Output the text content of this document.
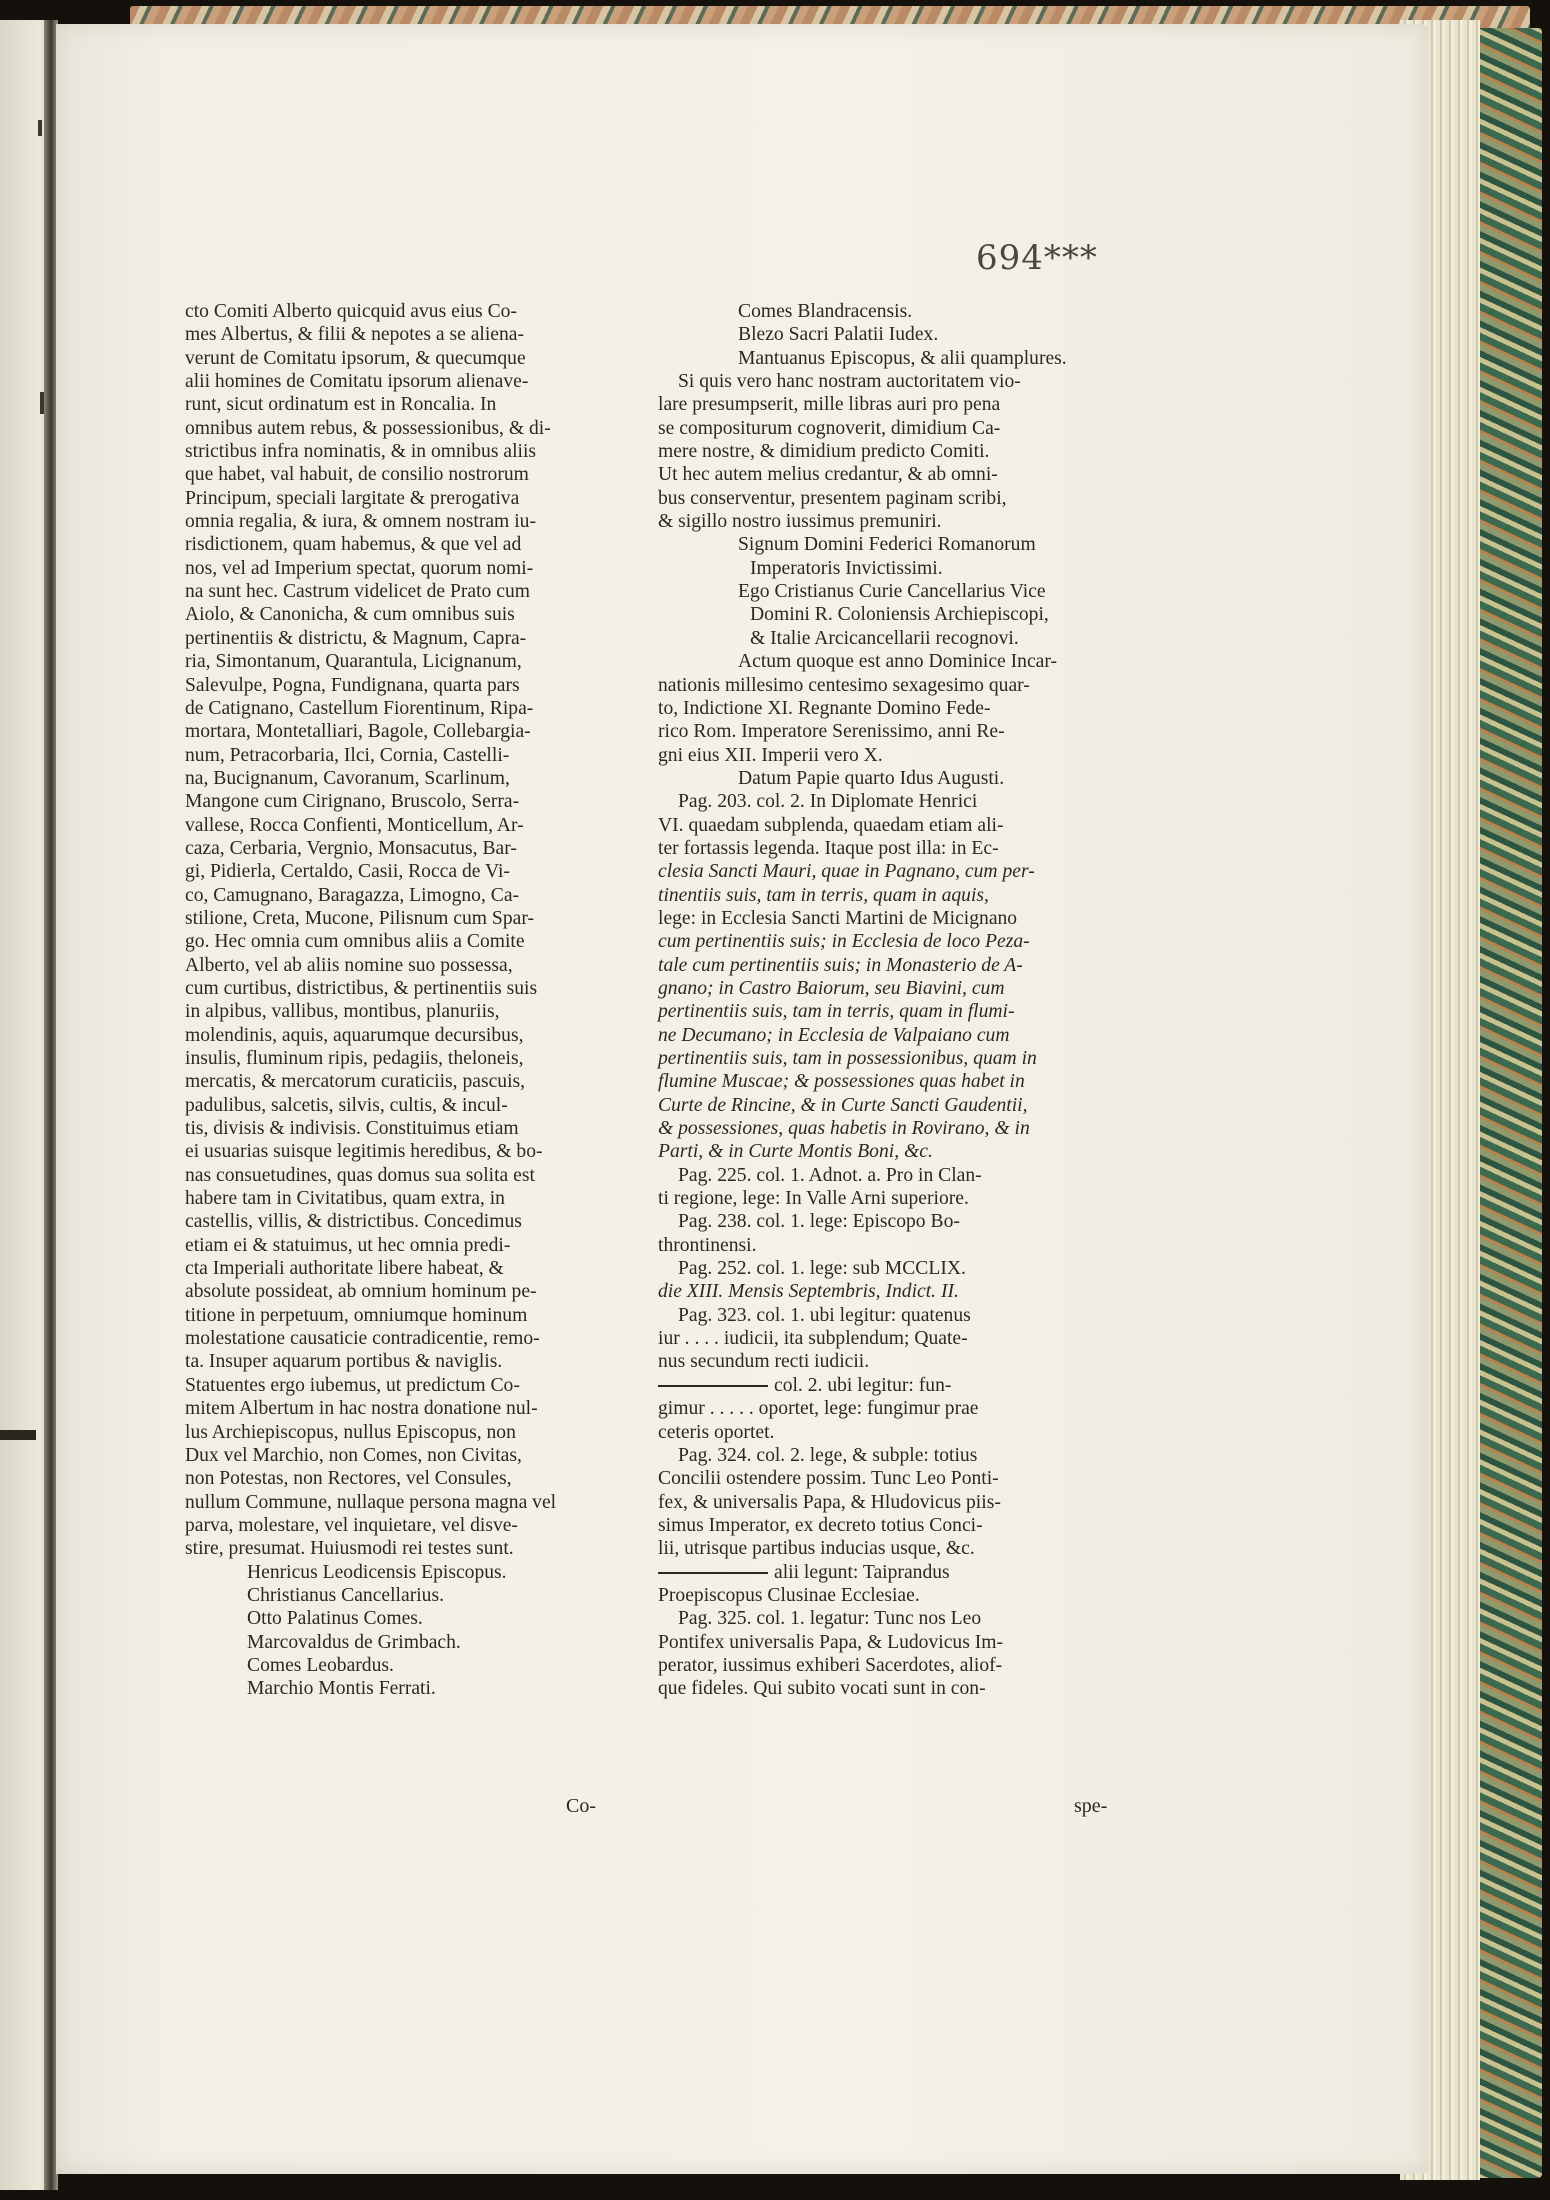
694***
cto Comiti Alberto quicquid avus eius Co-
mes Albertus, & filii & nepotes a se aliena-
verunt de Comitatu ipsorum, & quecumque
alii homines de Comitatu ipsorum alienave-
runt, sicut ordinatum est in Roncalia. In
omnibus autem rebus, & possessionibus, & di-
strictibus infra nominatis, & in omnibus aliis
que habet, val habuit, de consilio nostrorum
Principum, speciali largitate & prerogativa
omnia regalia, & iura, & omnem nostram iu-
risdictionem, quam habemus, & que vel ad
nos, vel ad Imperium spectat, quorum nomi-
na sunt hec. Castrum videlicet de Prato cum
Aiolo, & Canonicha, & cum omnibus suis
pertinentiis & districtu, & Magnum, Capra-
ria, Simontanum, Quarantula, Licignanum,
Salevulpe, Pogna, Fundignana, quarta pars
de Catignano, Castellum Fiorentinum, Ripa-
mortara, Montetalliari, Bagole, Collebargia-
num, Petracorbaria, Ilci, Cornia, Castelli-
na, Bucignanum, Cavoranum, Scarlinum,
Mangone cum Cirignano, Bruscolo, Serra-
vallese, Rocca Confienti, Monticellum, Ar-
caza, Cerbaria, Vergnio, Monsacutus, Bar-
gi, Pidierla, Certaldo, Casii, Rocca de Vi-
co, Camugnano, Baragazza, Limogno, Ca-
stilione, Creta, Mucone, Pilisnum cum Spar-
go. Hec omnia cum omnibus aliis a Comite
Alberto, vel ab aliis nomine suo possessa,
cum curtibus, districtibus, & pertinentiis suis
in alpibus, vallibus, montibus, planuriis,
molendinis, aquis, aquarumque decursibus,
insulis, fluminum ripis, pedagiis, theloneis,
mercatis, & mercatorum curaticiis, pascuis,
padulibus, salcetis, silvis, cultis, & incul-
tis, divisis & indivisis. Constituimus etiam
ei usuarias suisque legitimis heredibus, & bo-
nas consuetudines, quas domus sua solita est
habere tam in Civitatibus, quam extra, in
castellis, villis, & districtibus. Concedimus
etiam ei & statuimus, ut hec omnia predi-
cta Imperiali authoritate libere habeat, &
absolute possideat, ab omnium hominum pe-
titione in perpetuum, omniumque hominum
molestatione causaticie contradicentie, remo-
ta. Insuper aquarum portibus & naviglis.
Statuentes ergo iubemus, ut predictum Co-
mitem Albertum in hac nostra donatione nul-
lus Archiepiscopus, nullus Episcopus, non
Dux vel Marchio, non Comes, non Civitas,
non Potestas, non Rectores, vel Consules,
nullum Commune, nullaque persona magna vel
parva, molestare, vel inquietare, vel disve-
stire, presumat. Huiusmodi rei testes sunt.
Henricus Leodicensis Episcopus.
Christianus Cancellarius.
Otto Palatinus Comes.
Marcovaldus de Grimbach.
Comes Leobardus.
Marchio Montis Ferrati.
Comes Blandracensis.
Blezo Sacri Palatii Iudex.
Mantuanus Episcopus, & alii quamplures.
Si quis vero hanc nostram auctoritatem vio-
lare presumpserit, mille libras auri pro pena
se compositurum cognoverit, dimidium Ca-
mere nostre, & dimidium predicto Comiti.
Ut hec autem melius credantur, & ab omni-
bus conserventur, presentem paginam scribi,
& sigillo nostro iussimus premuniri.
Signum Domini Federici Romanorum
Imperatoris Invictissimi.
Ego Cristianus Curie Cancellarius Vice
Domini R. Coloniensis Archiepiscopi,
& Italie Arcicancellarii recognovi.
Actum quoque est anno Dominice Incar-
nationis millesimo centesimo sexagesimo quar-
to, Indictione XI. Regnante Domino Fede-
rico Rom. Imperatore Serenissimo, anni Re-
gni eius XII. Imperii vero X.
Datum Papie quarto Idus Augusti.
Pag. 203. col. 2. In Diplomate Henrici
VI. quaedam subplenda, quaedam etiam ali-
ter fortassis legenda. Itaque post illa: in Ec-
clesia Sancti Mauri, quae in Pagnano, cum per-
tinentiis suis, tam in terris, quam in aquis,
lege: in Ecclesia Sancti Martini de Micignano
cum pertinentiis suis; in Ecclesia de loco Peza-
tale cum pertinentiis suis; in Monasterio de A-
gnano; in Castro Baiorum, seu Biavini, cum
pertinentiis suis, tam in terris, quam in flumi-
ne Decumano; in Ecclesia de Valpaiano cum
pertinentiis suis, tam in possessionibus, quam in
flumine Muscae; & possessiones quas habet in
Curte de Rincine, & in Curte Sancti Gaudentii,
& possessiones, quas habetis in Rovirano, & in
Parti, & in Curte Montis Boni, &c.
Pag. 225. col. 1. Adnot. a. Pro in Clan-
ti regione, lege: In Valle Arni superiore.
Pag. 238. col. 1. lege: Episcopo Bo-
throntinensi.
Pag. 252. col. 1. lege: sub MCCLIX.
die XIII. Mensis Septembris, Indict. II.
Pag. 323. col. 1. ubi legitur: quatenus
iur . . . . iudicii, ita subplendum; Quate-
nus secundum recti iudicii.
col. 2. ubi legitur: fun-
gimur . . . . . oportet, lege: fungimur prae
ceteris oportet.
Pag. 324. col. 2. lege, & subple: totius
Concilii ostendere possim. Tunc Leo Ponti-
fex, & universalis Papa, & Hludovicus piis-
simus Imperator, ex decreto totius Conci-
lii, utrisque partibus inducias usque, &c.
alii legunt: Taiprandus
Proepiscopus Clusinae Ecclesiae.
Pag. 325. col. 1. legatur: Tunc nos Leo
Pontifex universalis Papa, & Ludovicus Im-
perator, iussimus exhiberi Sacerdotes, aliof-
que fideles. Qui subito vocati sunt in con-
Co-	spe-
